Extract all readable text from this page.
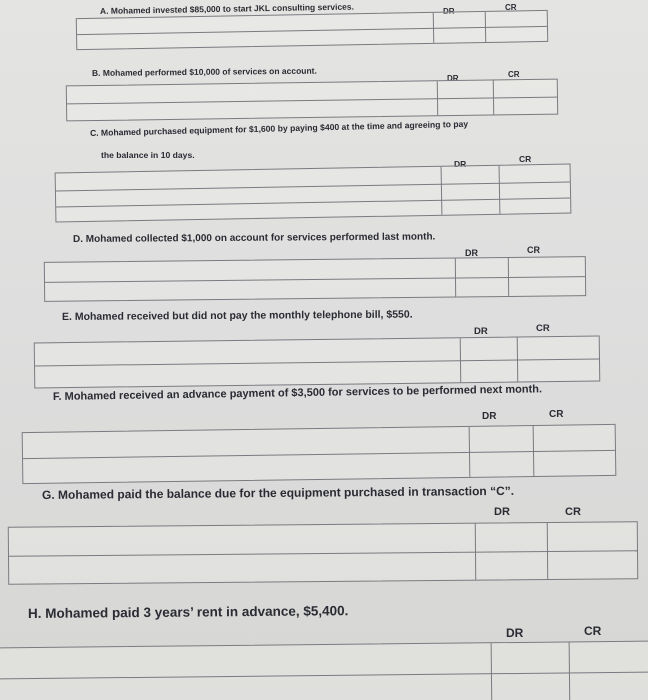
A. Mohamed invested $85,000 to start JKL consulting services.	DR	CR

B. Mohamed performed $10,000 of services on account.

DR	CR

C. Mohamed purchased equipment for $1,600 by paying $400 at the time and agreeing to pay

the balance in 10 days.

DR	CR

D. Mohamed collected $1,000 on account for services performed last month.

DR	CR

E. Mohamed received but did not pay the monthly telephone bill, $550.

DR	CR

F. Mohamed received an advance payment of $3,500 for services to be performed next month.

DR	CR

G. Mohamed paid the balance due for the equipment purchased in transaction “C”.

DR	CR

H. Mohamed paid 3 years’ rent in advance, $5,400.

DR	CR
